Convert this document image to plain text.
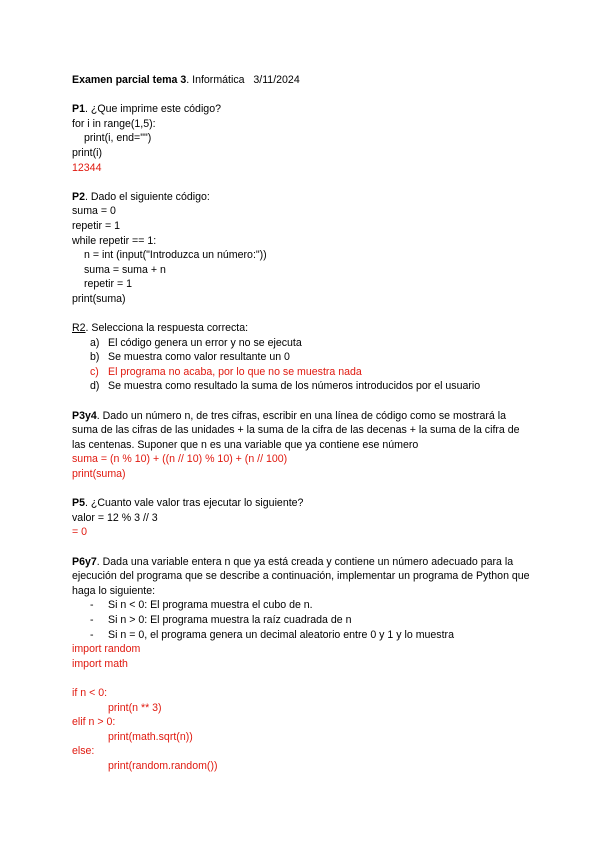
Examen parcial tema 3. Informática   3/11/2024
P1. ¿Que imprime este código?
for i in range(1,5):
print(i, end="")
print(i)
12344
P2. Dado el siguiente código:
suma = 0
repetir = 1
while repetir == 1:
n = int (input("Introduzca un número:"))
suma = suma + n
repetir = 1
print(suma)
R2. Selecciona la respuesta correcta:
a) El código genera un error y no se ejecuta
b) Se muestra como valor resultante un 0
c) El programa no acaba, por lo que no se muestra nada
d) Se muestra como resultado la suma de los números introducidos por el usuario
P3y4. Dado un número n, de tres cifras, escribir en una línea de código como se mostrará la suma de las cifras de las unidades + la suma de la cifra de las decenas + la suma de la cifra de las centenas. Suponer que n es una variable que ya contiene ese número
suma = (n % 10) + ((n // 10) % 10) + (n // 100)
print(suma)
P5. ¿Cuanto vale valor tras ejecutar lo siguiente?
valor = 12 % 3 // 3
= 0
P6y7. Dada una variable entera n que ya está creada y contiene un número adecuado para la ejecución del programa que se describe a continuación, implementar un programa de Python que haga lo siguiente:
- Si n < 0: El programa muestra el cubo de n.
- Si n > 0: El programa muestra la raíz cuadrada de n
- Si n = 0, el programa genera un decimal aleatorio entre 0 y 1 y lo muestra
import random
import math
if n < 0:
print(n ** 3)
elif n > 0:
print(math.sqrt(n))
else:
print(random.random())
